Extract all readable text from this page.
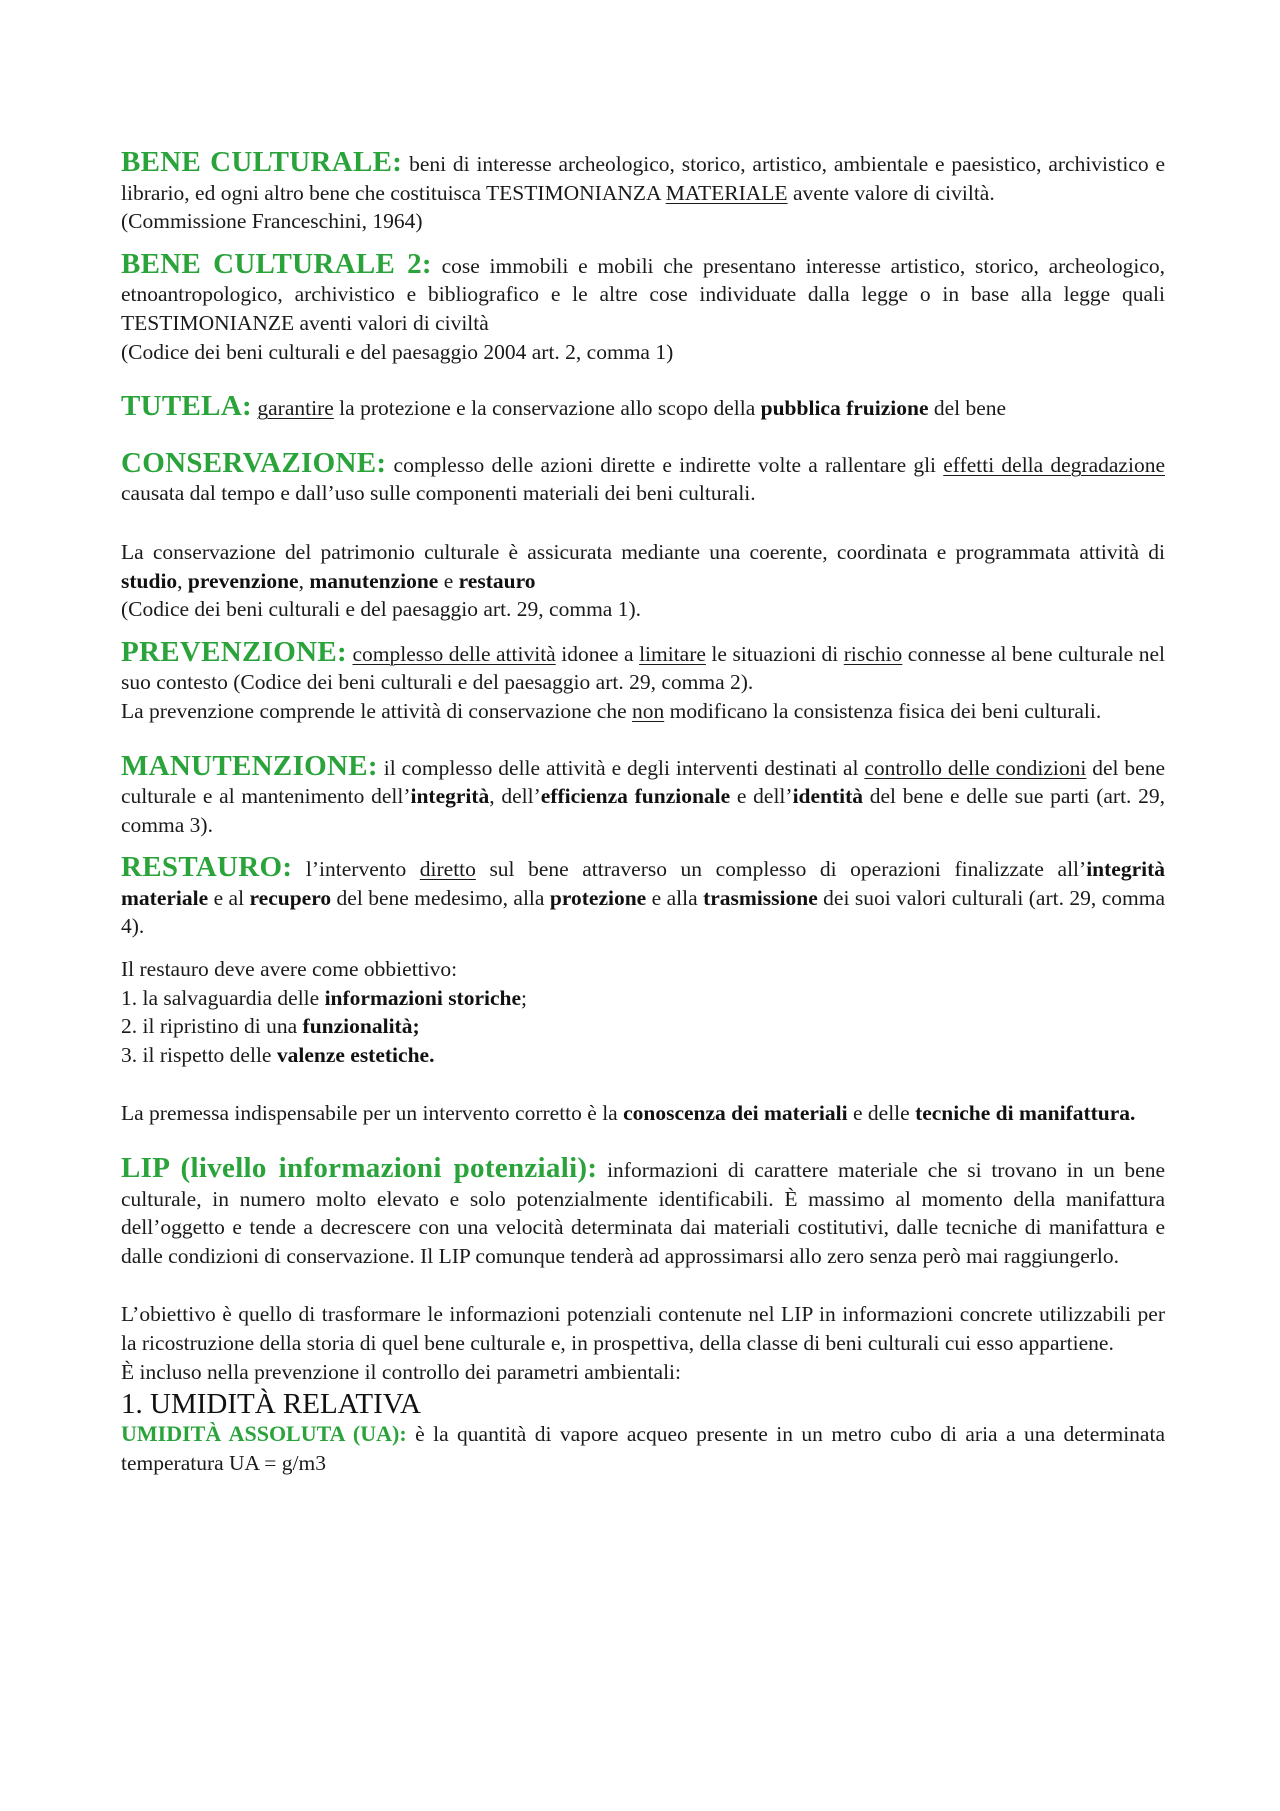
BENE CULTURALE: beni di interesse archeologico, storico, artistico, ambientale e paesistico, archivistico e librario, ed ogni altro bene che costituisca TESTIMONIANZA MATERIALE avente valore di civiltà.
(Commissione Franceschini, 1964)

BENE CULTURALE 2: cose immobili e mobili che presentano interesse artistico, storico, archeologico, etnoantropologico, archivistico e bibliografico e le altre cose individuate dalla legge o in base alla legge quali TESTIMONIANZE aventi valori di civiltà
(Codice dei beni culturali e del paesaggio 2004 art. 2, comma 1)

TUTELA: garantire la protezione e la conservazione allo scopo della pubblica fruizione del bene

CONSERVAZIONE: complesso delle azioni dirette e indirette volte a rallentare gli effetti della degradazione causata dal tempo e dall’uso sulle componenti materiali dei beni culturali.

La conservazione del patrimonio culturale è assicurata mediante una coerente, coordinata e programmata attività di studio, prevenzione, manutenzione e restauro
(Codice dei beni culturali e del paesaggio art. 29, comma 1).

PREVENZIONE: complesso delle attività idonee a limitare le situazioni di rischio connesse al bene culturale nel suo contesto (Codice dei beni culturali e del paesaggio art. 29, comma 2).
La prevenzione comprende le attività di conservazione che non modificano la consistenza fisica dei beni culturali.

MANUTENZIONE: il complesso delle attività e degli interventi destinati al controllo delle condizioni del bene culturale e al mantenimento dell’integrità, dell’efficienza funzionale e dell’identità del bene e delle sue parti (art. 29, comma 3).

RESTAURO: l’intervento diretto sul bene attraverso un complesso di operazioni finalizzate all’integrità materiale e al recupero del bene medesimo, alla protezione e alla trasmissione dei suoi valori culturali (art. 29, comma 4).

Il restauro deve avere come obbiettivo:
1. la salvaguardia delle informazioni storiche;
2. il ripristino di una funzionalità;
3. il rispetto delle valenze estetiche.

La premessa indispensabile per un intervento corretto è la conoscenza dei materiali e delle tecniche di manifattura.

LIP (livello informazioni potenziali): informazioni di carattere materiale che si trovano in un bene culturale, in numero molto elevato e solo potenzialmente identificabili. È massimo al momento della manifattura dell’oggetto e tende a decrescere con una velocità determinata dai materiali costitutivi, dalle tecniche di manifattura e dalle condizioni di conservazione. Il LIP comunque tenderà ad approssimarsi allo zero senza però mai raggiungerlo.

L’obiettivo è quello di trasformare le informazioni potenziali contenute nel LIP in informazioni concrete utilizzabili per la ricostruzione della storia di quel bene culturale e, in prospettiva, della classe di beni culturali cui esso appartiene.
È incluso nella prevenzione il controllo dei parametri ambientali:

1. UMIDITÀ RELATIVA

UMIDITÀ ASSOLUTA (UA): è la quantità di vapore acqueo presente in un metro cubo di aria a una determinata temperatura UA = g/m3
